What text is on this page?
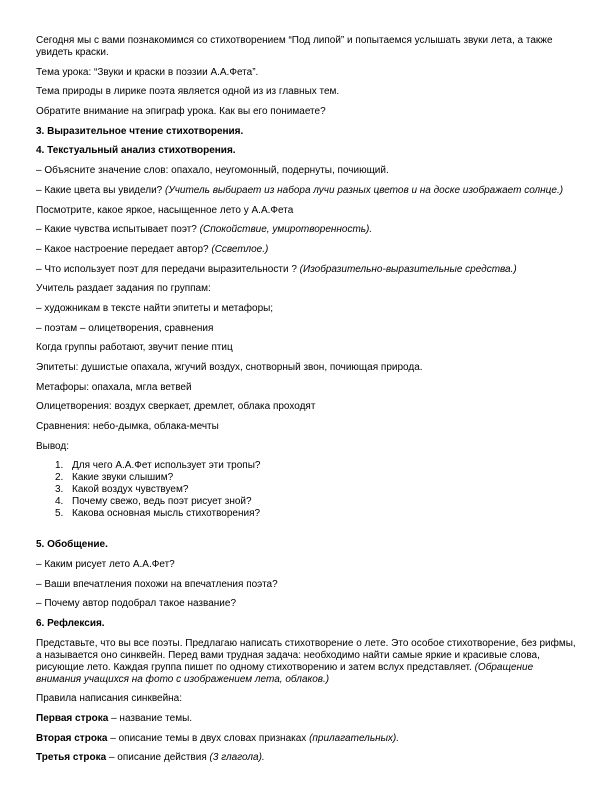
Сегодня мы с вами познакомимся со стихотворением “Под липой” и попытаемся услышать звуки лета, а также увидеть краски.

Тема урока: “Звуки и краски в поэзии А.А.Фета”.

Тема природы в лирике поэта является одной из из главных тем.

Обратите внимание на эпиграф урока. Как вы его понимаете?

3. Выразительное чтение стихотворения.

4. Текстуальный анализ стихотворения.

– Объясните значение слов: опахало, неугомонный, подернуты, почиющий.

– Какие цвета вы увидели? (Учитель выбирает из набора лучи разных цветов и на доске изображает солнце.)

Посмотрите, какое яркое, насыщенное лето у А.А.Фета

– Какие чувства испытывает поэт? (Спокойствие, умиротворенность).

– Какое настроение передает автор? (Ссветлое.)

– Что использует поэт для передачи выразительности ? (Изобразительно-выразительные средства.)

Учитель раздает задания по группам:

– художникам в тексте найти эпитеты и метафоры;

– поэтам – олицетворения, сравнения

Когда группы работают, звучит пение птиц

Эпитеты: душистые опахала, жгучий воздух, снотворный звон, почиющая природа.

Метафоры: опахала, мгла ветвей

Олицетворения: воздух сверкает, дремлет, облака проходят

Сравнения: небо-дымка, облака-мечты

Вывод:

1. Для чего А.А.Фет использует эти тропы?
2. Какие звуки слышим?
3. Какой воздух чувствуем?
4. Почему свежо, ведь поэт рисует зной?
5. Какова основная мысль стихотворения?

5. Обобщение.

– Каким рисует лето А.А.Фет?

– Ваши впечатления похожи на впечатления поэта?

– Почему автор подобрал такое название?

6. Рефлексия.

Представьте, что вы все поэты. Предлагаю написать стихотворение о лете. Это особое стихотворение, без рифмы, а называется оно синквейн. Перед вами трудная задача: необходимо найти самые яркие и красивые слова, рисующие лето. Каждая группа пишет по одному стихотворению и затем вслух представляет. (Обращение внимания учащихся на фото с изображением лета, облаков.)

Правила написания синквейна:

Первая строка – название темы.

Вторая строка – описание темы в двух словах признаках (прилагательных).

Третья строка – описание действия (3 глагола).
